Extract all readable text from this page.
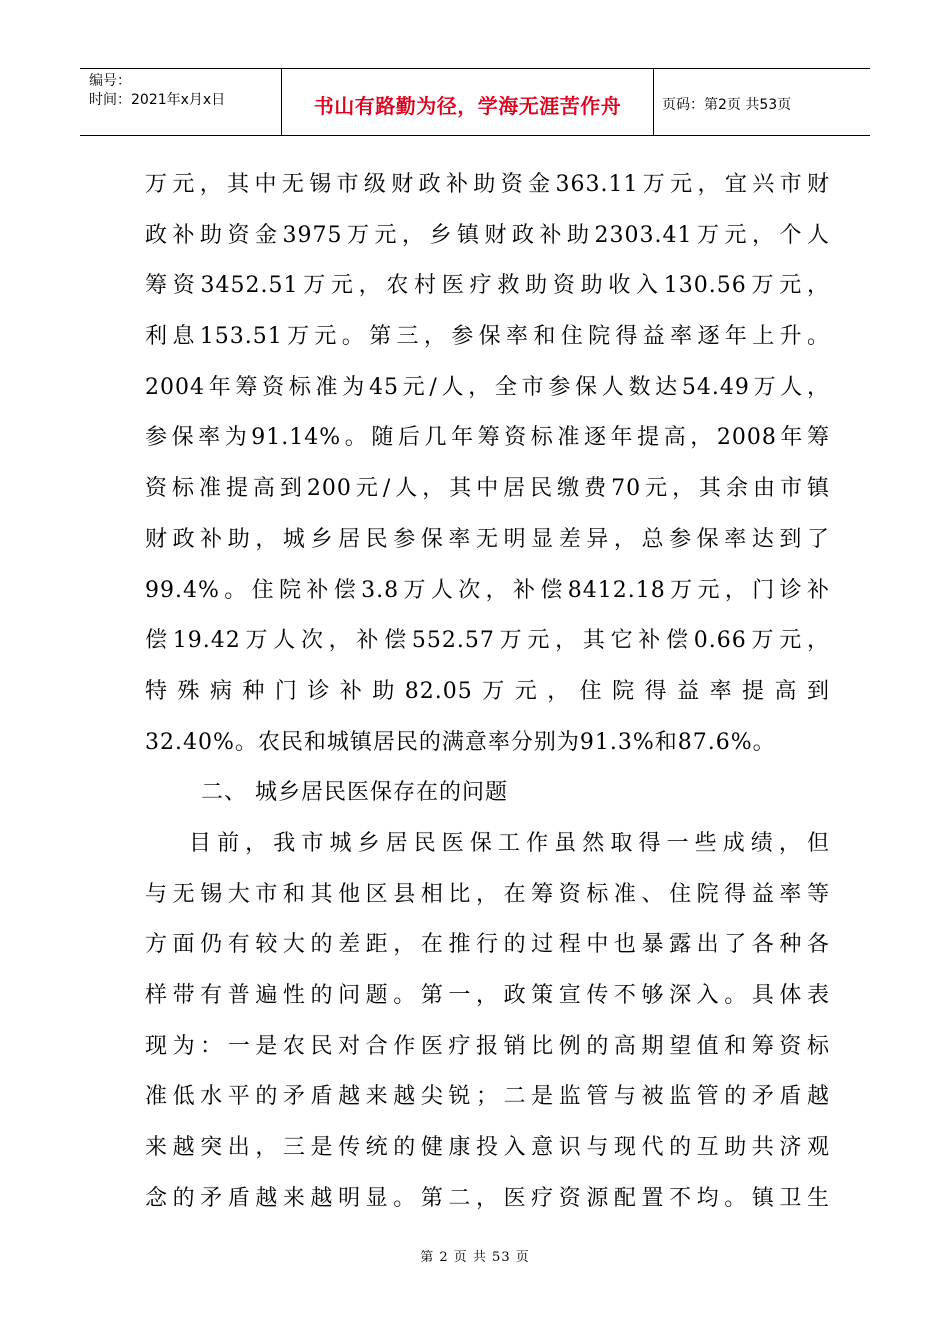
编号：
时间：2021年x月x日	书山有路勤为径，学海无涯苦作舟	页码：第2页 共53页
万元，其中无锡市级财政补助资金363.11万元，宜兴市财
政补助资金3975万元，乡镇财政补助2303.41万元，个人
筹资3452.51万元，农村医疗救助资助收入130.56万元，
利息153.51万元。第三，参保率和住院得益率逐年上升。
2004年筹资标准为45元/人，全市参保人数达54.49万人，
参保率为91.14%。随后几年筹资标准逐年提高，2008年筹
资标准提高到200元/人，其中居民缴费70元，其余由市镇
财政补助，城乡居民参保率无明显差异，总参保率达到了
99.4%。住院补偿3.8万人次，补偿8412.18万元，门诊补
偿19.42万人次，补偿552.57万元，其它补偿0.66万元，
特殊病种门诊补助82.05万元，住院得益率提高到
32.40%。农民和城镇居民的满意率分别为91.3%和87.6%。
二、 城乡居民医保存在的问题
目前，我市城乡居民医保工作虽然取得一些成绩，但
与无锡大市和其他区县相比，在筹资标准、住院得益率等
方面仍有较大的差距，在推行的过程中也暴露出了各种各
样带有普遍性的问题。第一，政策宣传不够深入。具体表
现为：一是农民对合作医疗报销比例的高期望值和筹资标
准低水平的矛盾越来越尖锐；二是监管与被监管的矛盾越
来越突出，三是传统的健康投入意识与现代的互助共济观
念的矛盾越来越明显。第二，医疗资源配置不均。镇卫生
第 2 页 共 53 页
